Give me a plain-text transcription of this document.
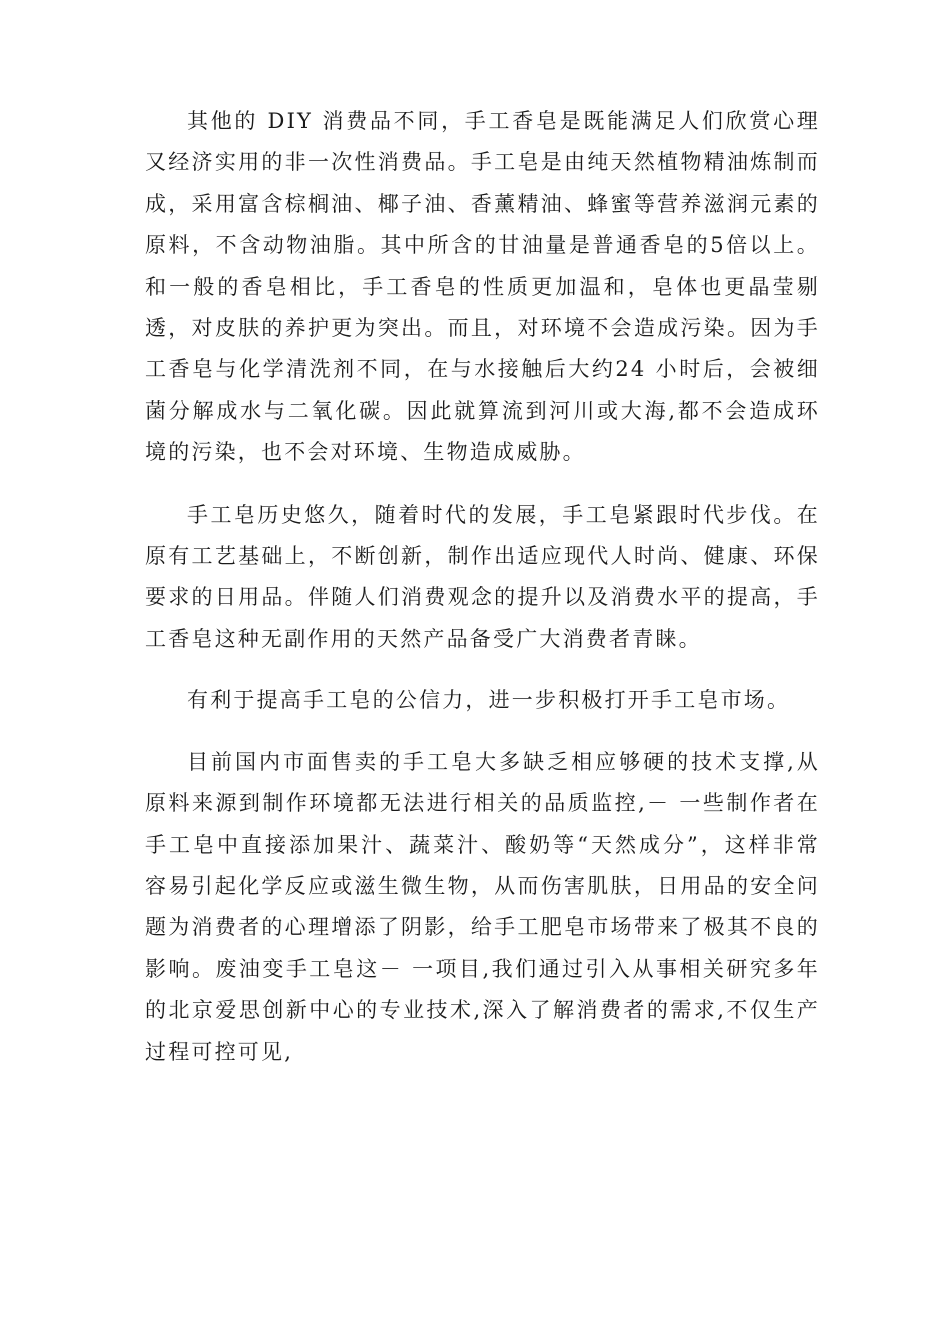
其他的 DIY 消费品不同，手工香皂是既能满足人们欣赏心理又经济实用的非一次性消费品。手工皂是由纯天然植物精油炼制而成，采用富含棕榈油、椰子油、香薰精油、蜂蜜等营养滋润元素的原料，不含动物油脂。其中所含的甘油量是普通香皂的5倍以上。和一般的香皂相比，手工香皂的性质更加温和，皂体也更晶莹剔透，对皮肤的养护更为突出。而且，对环境不会造成污染。因为手工香皂与化学清洗剂不同，在与水接触后大约24 小时后，会被细菌分解成水与二氧化碳。因此就算流到河川或大海,都不会造成环境的污染，也不会对环境、生物造成威胁。

手工皂历史悠久，随着时代的发展，手工皂紧跟时代步伐。在原有工艺基础上，不断创新，制作出适应现代人时尚、健康、环保要求的日用品。伴随人们消费观念的提升以及消费水平的提高，手工香皂这种无副作用的天然产品备受广大消费者青睐。

有利于提高手工皂的公信力，进一步积极打开手工皂市场。

目前国内市面售卖的手工皂大多缺乏相应够硬的技术支撑,从原料来源到制作环境都无法进行相关的品质监控,－ 一些制作者在手工皂中直接添加果汁、蔬菜汁、酸奶等“天然成分”，这样非常容易引起化学反应或滋生微生物，从而伤害肌肤，日用品的安全问题为消费者的心理增添了阴影，给手工肥皂市场带来了极其不良的影响。废油变手工皂这－ 一项目,我们通过引入从事相关研究多年的北京爱思创新中心的专业技术,深入了解消费者的需求,不仅生产过程可控可见,
